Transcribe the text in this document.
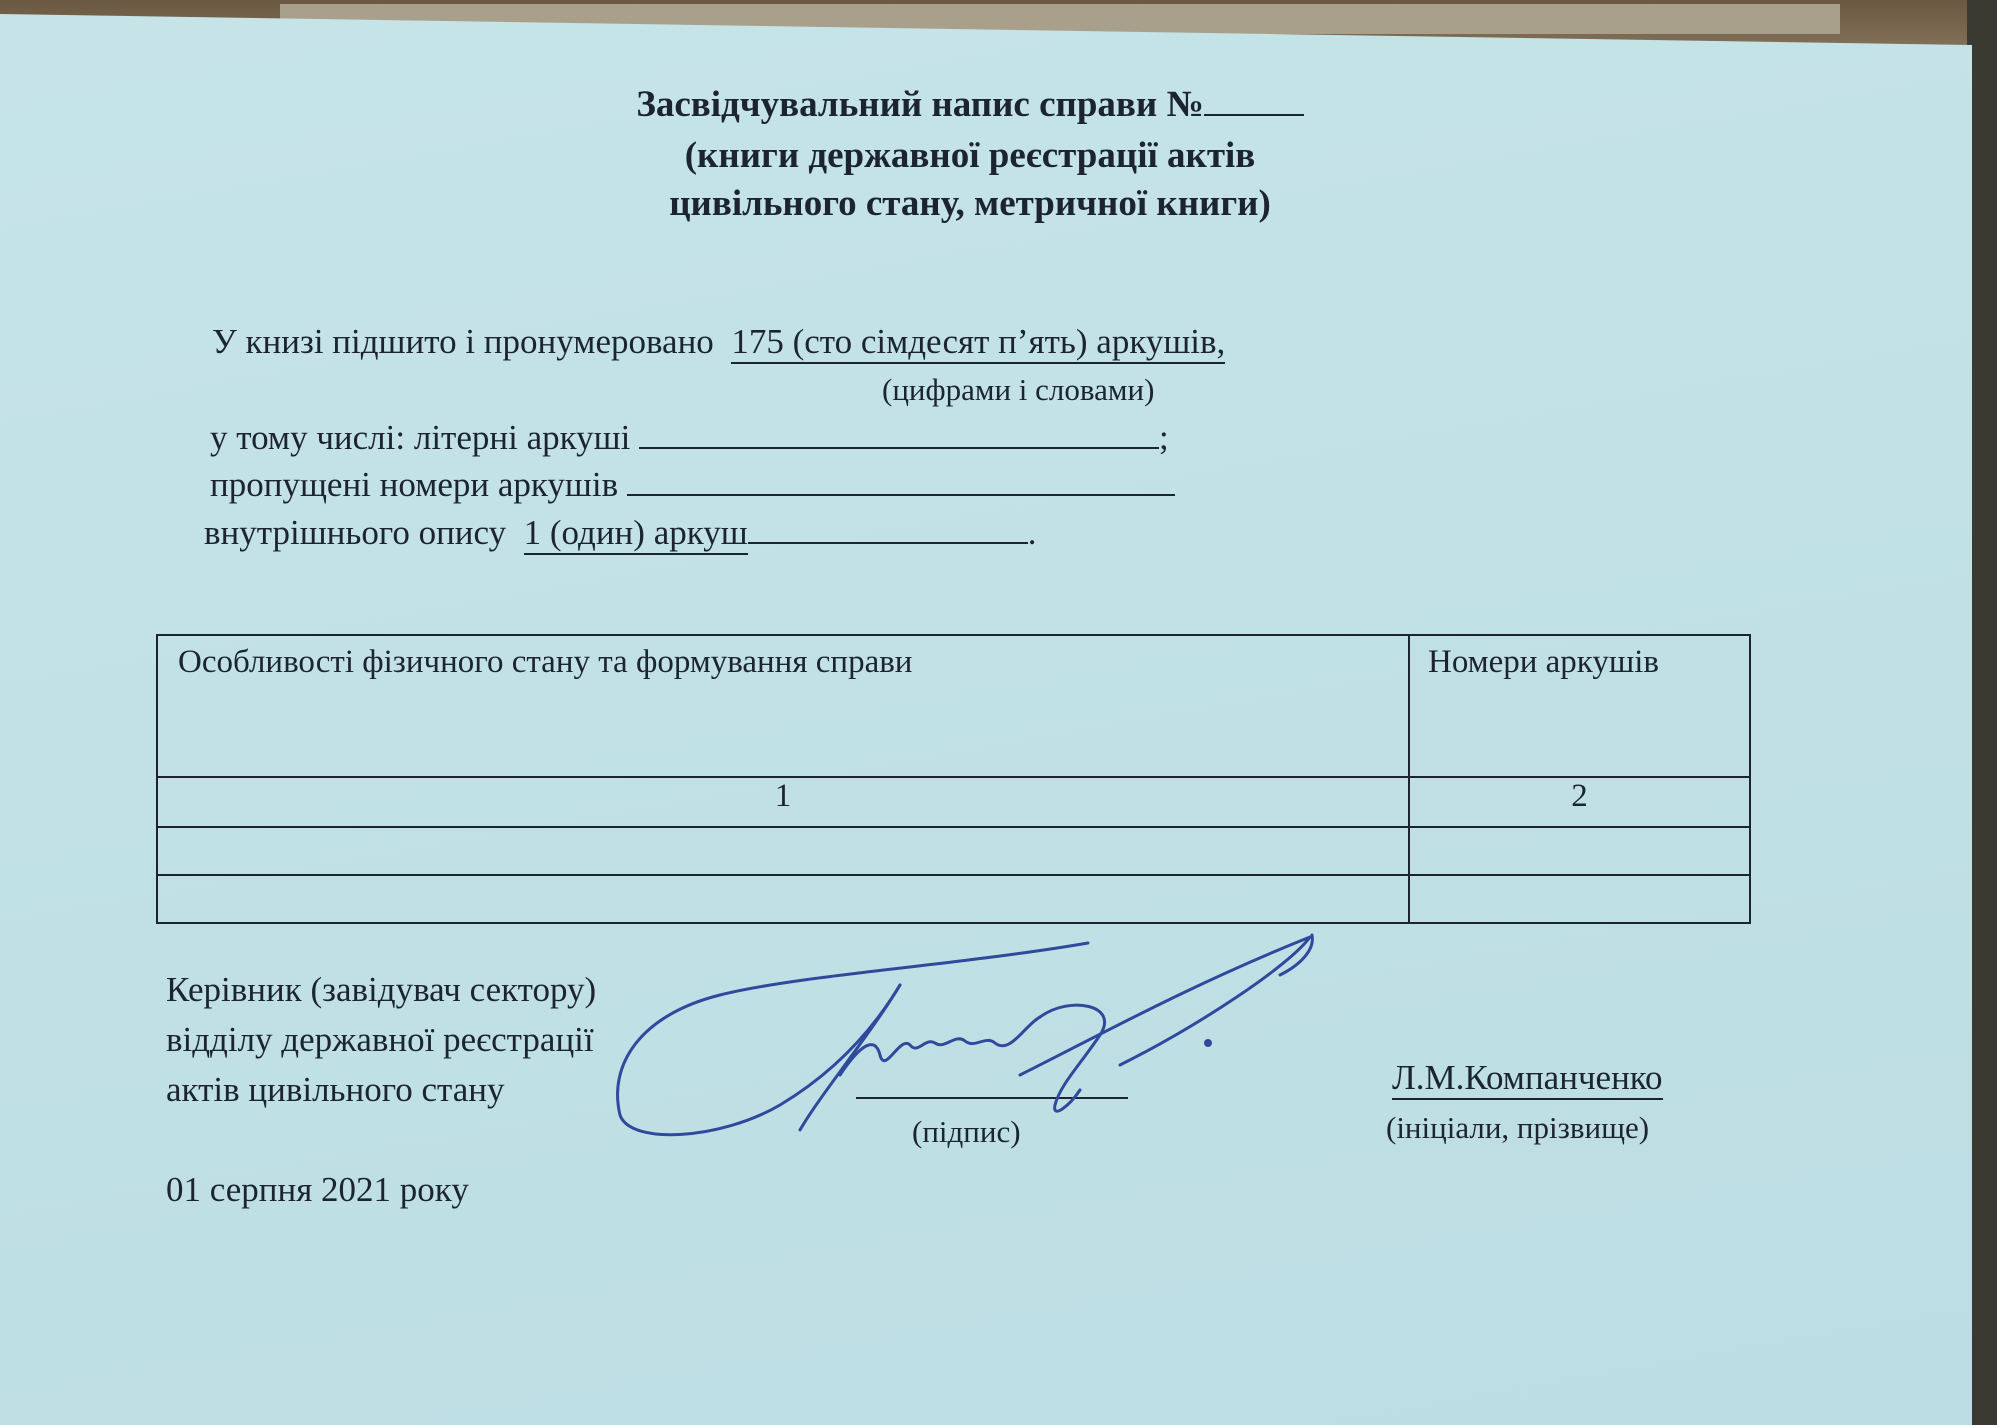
Засвідчувальний напис справи №
(книги державної реєстрації актів
цивільного стану, метричної книги)
У книзі підшито і пронумеровано 175 (сто сімдесят п’ять) аркушів,
(цифрами і словами)
у тому числі: літерні аркуші	;
пропущені номери аркушів
внутрішнього опису 1 (один) аркуш	.
Особливості фізичного стану та формування справи	Номери аркушів
1	2

Керівник (завідувач сектору)
відділу державної реєстрації
актів цивільного стану
(підпис)
Л.М.Компанченко
(ініціали, прізвище)
01 серпня 2021 року
